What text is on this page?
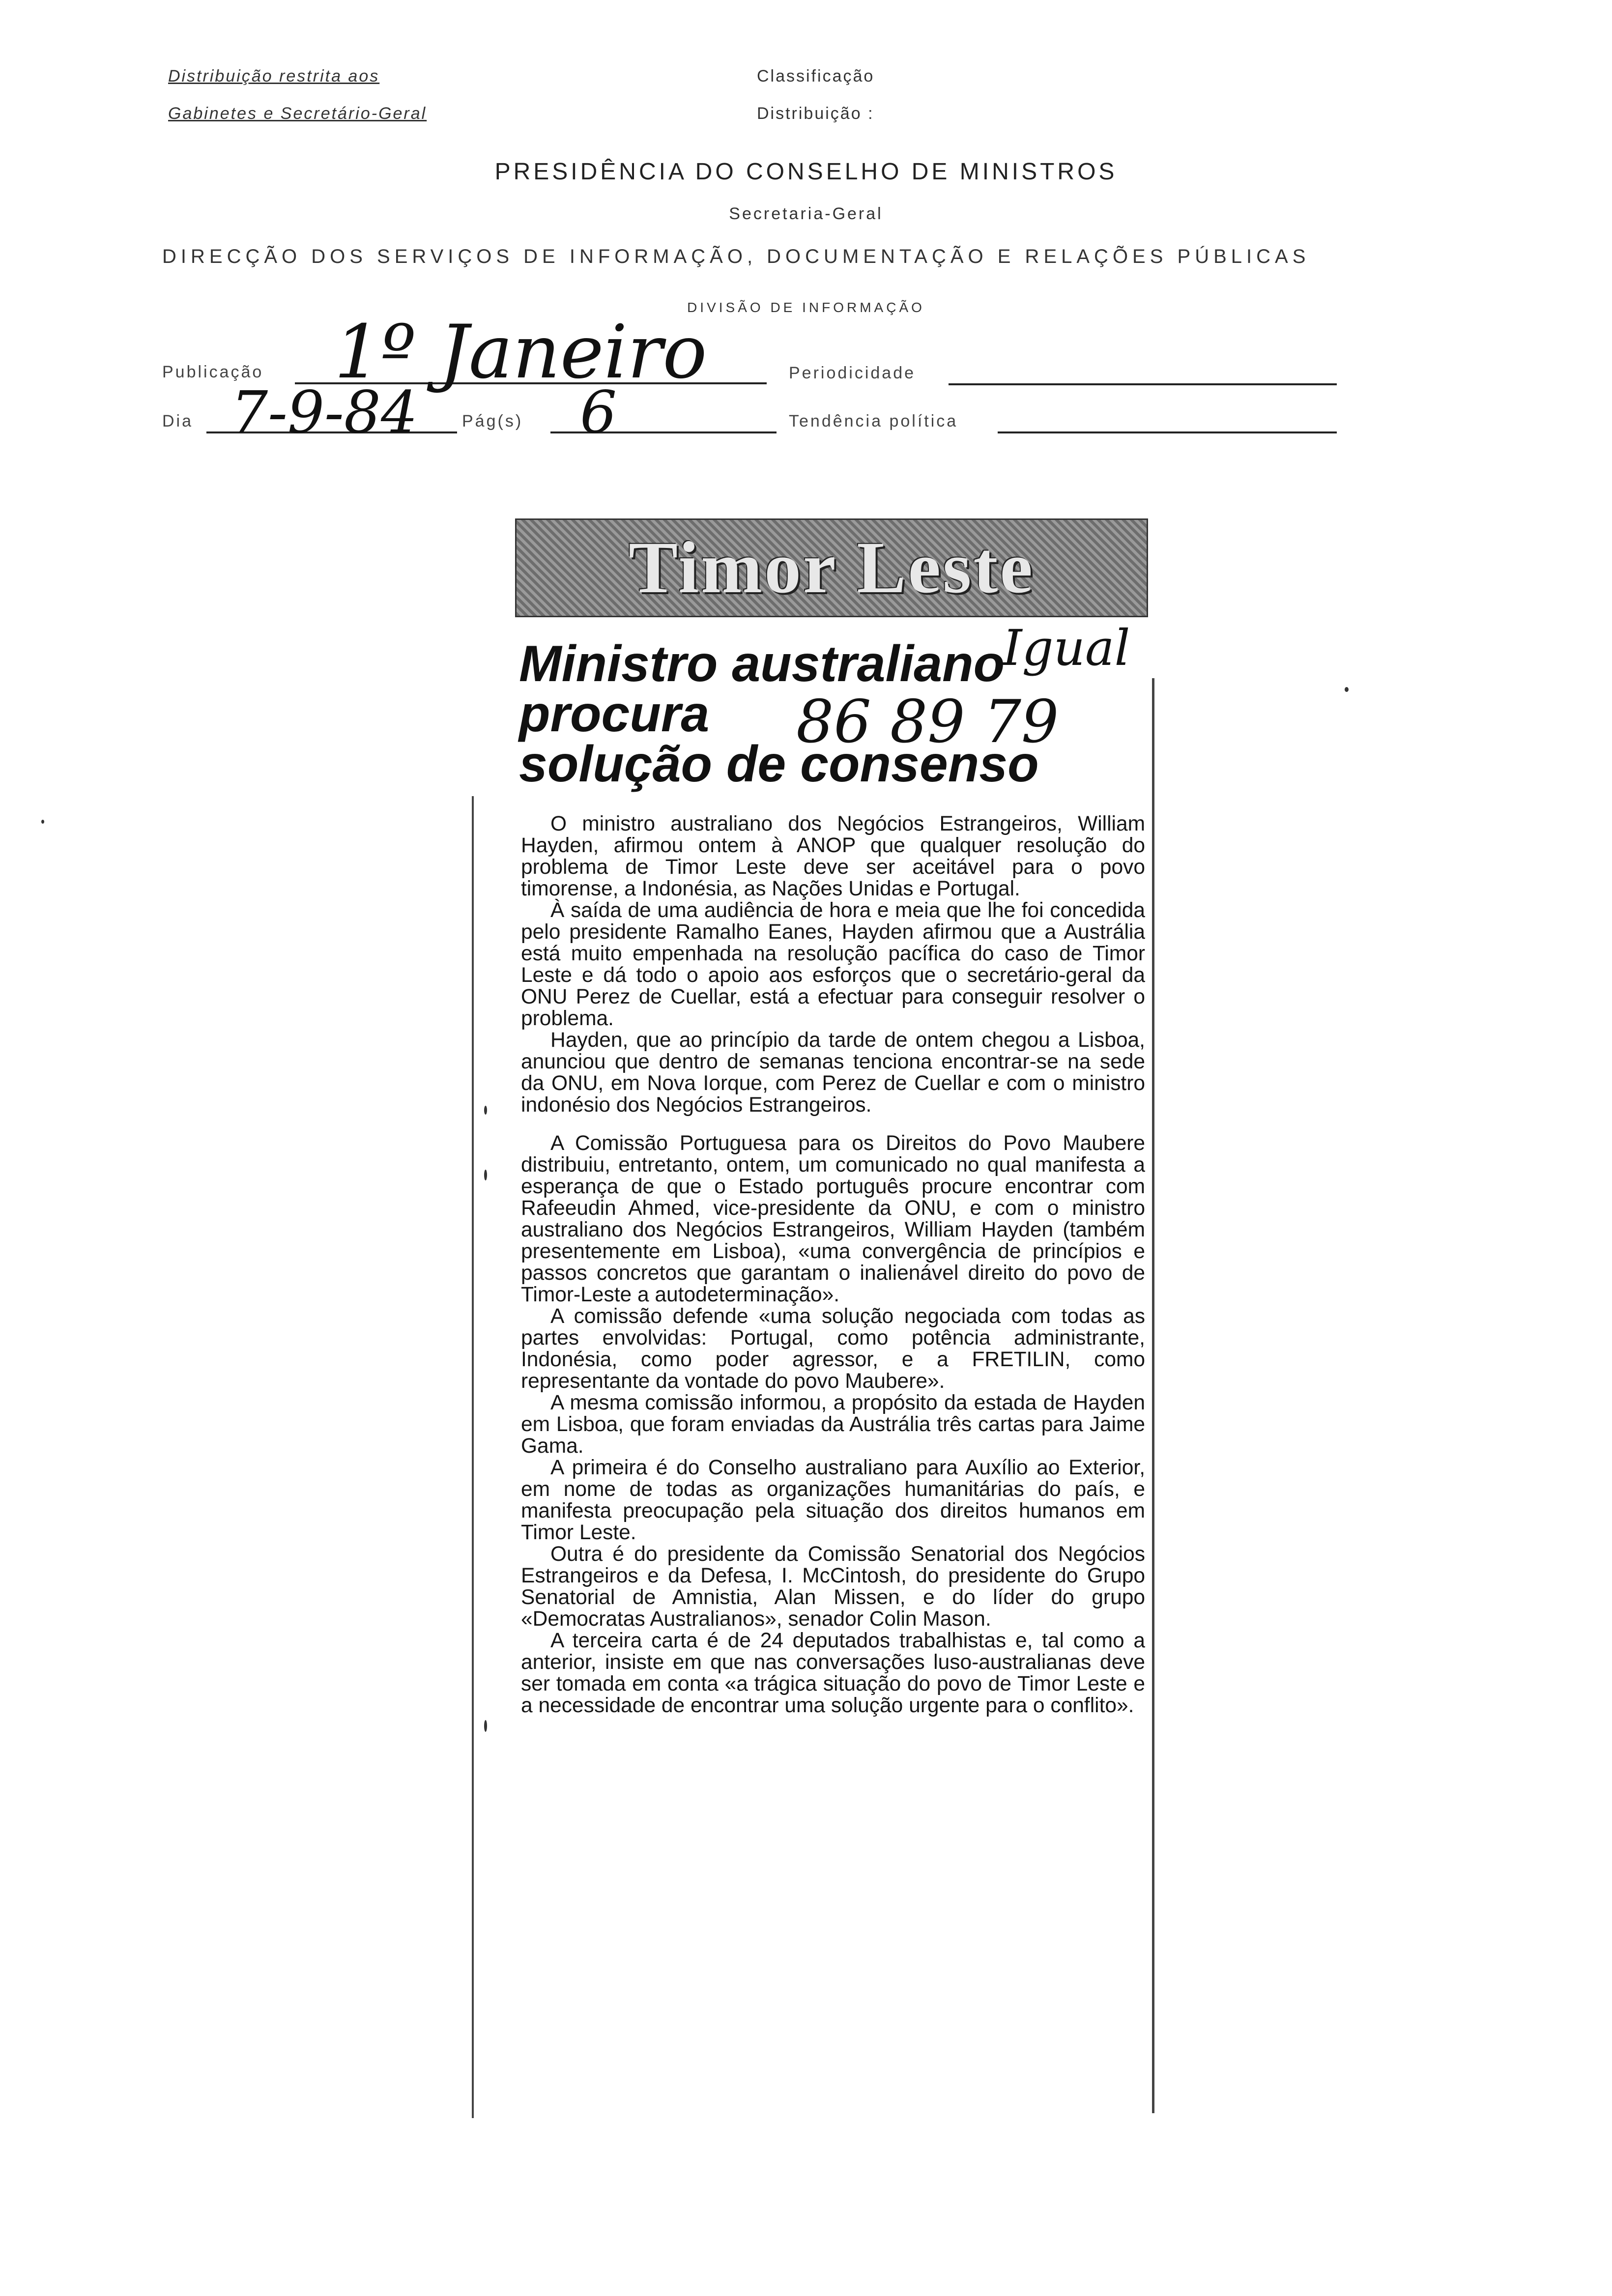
Distribuição restrita aos
Gabinetes e Secretário-Geral
Classificação
Distribuição :
PRESIDÊNCIA DO CONSELHO DE MINISTROS
Secretaria-Geral
DIRECÇÃO DOS SERVIÇOS DE INFORMAÇÃO, DOCUMENTAÇÃO E RELAÇÕES PÚBLICAS
DIVISÃO DE INFORMAÇÃO
Publicação 1º Janeiro	Periodicidade
Dia 7-9-84	Pág(s) 6	Tendência política
Timor Leste
Ministro australiano
procura
solução de consenso
Igual
86 89 79

O ministro australiano dos Negócios Estrangeiros, William Hayden, afirmou ontem à ANOP que qualquer resolução do problema de Timor Leste deve ser aceitável para o povo timorense, a Indonésia, as Nações Unidas e Portugal.

À saída de uma audiência de hora e meia que lhe foi concedida pelo presidente Ramalho Eanes, Hayden afirmou que a Austrália está muito empenhada na resolução pacífica do caso de Timor Leste e dá todo o apoio aos esforços que o secretário-geral da ONU Perez de Cuellar, está a efectuar para conseguir resolver o problema.

Hayden, que ao princípio da tarde de ontem chegou a Lisboa, anunciou que dentro de semanas tenciona encontrar-se na sede da ONU, em Nova Iorque, com Perez de Cuellar e com o ministro indonésio dos Negócios Estrangeiros.

A Comissão Portuguesa para os Direitos do Povo Maubere distribuiu, entretanto, ontem, um comunicado no qual manifesta a esperança de que o Estado português procure encontrar com Rafeeudin Ahmed, vice-presidente da ONU, e com o ministro australiano dos Negócios Estrangeiros, William Hayden (também presentemente em Lisboa), «uma convergência de princípios e passos concretos que garantam o inalienável direito do povo de Timor-Leste a autodeterminação».

A comissão defende «uma solução negociada com todas as partes envolvidas: Portugal, como potência administrante, Indonésia, como poder agressor, e a FRETILIN, como representante da vontade do povo Maubere».

A mesma comissão informou, a propósito da estada de Hayden em Lisboa, que foram enviadas da Austrália três cartas para Jaime Gama.

A primeira é do Conselho australiano para Auxílio ao Exterior, em nome de todas as organizações humanitárias do país, e manifesta preocupação pela situação dos direitos humanos em Timor Leste.

Outra é do presidente da Comissão Senatorial dos Negócios Estrangeiros e da Defesa, I. McCintosh, do presidente do Grupo Senatorial de Amnistia, Alan Missen, e do líder do grupo «Democratas Australianos», senador Colin Mason.

A terceira carta é de 24 deputados trabalhistas e, tal como a anterior, insiste em que nas conversações luso-australianas deve ser tomada em conta «a trágica situação do povo de Timor Leste e a necessidade de encontrar uma solução urgente para o conflito».
